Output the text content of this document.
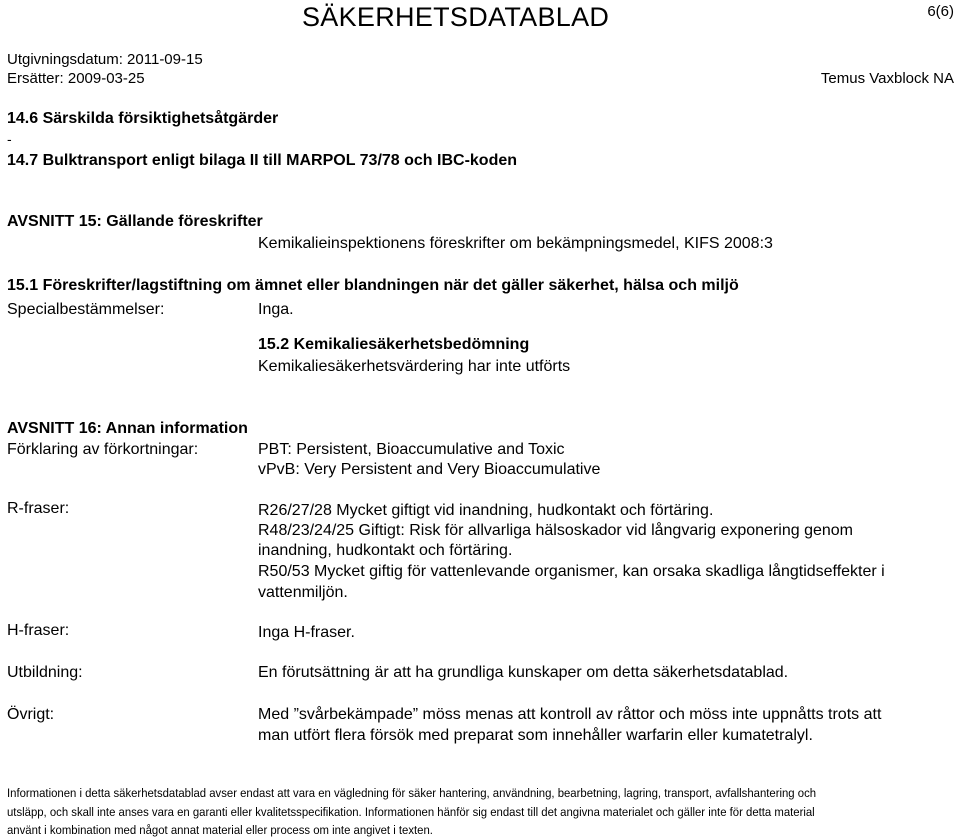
SÄKERHETSDATABLAD	6(6)
Utgivningsdatum: 2011-09-15
Ersätter: 2009-03-25	Temus Vaxblock NA
14.6 Särskilda försiktighetsåtgärder
-
14.7 Bulktransport enligt bilaga II till MARPOL 73/78 och IBC-koden
AVSNITT 15: Gällande föreskrifter
Kemikalieinspektionens föreskrifter om bekämpningsmedel, KIFS 2008:3
15.1 Föreskrifter/lagstiftning om ämnet eller blandningen när det gäller säkerhet, hälsa och miljö
Specialbestämmelser:	Inga.
15.2 Kemikaliesäkerhetsbedömning
Kemikaliesäkerhetsvärdering har inte utförts
AVSNITT 16: Annan information
Förklaring av förkortningar:	PBT: Persistent, Bioaccumulative and Toxic
vPvB: Very Persistent and Very Bioaccumulative
R-fraser:	R26/27/28 Mycket giftigt vid inandning, hudkontakt och förtäring.
R48/23/24/25 Giftigt: Risk för allvarliga hälsoskador vid långvarig exponering genom
inandning, hudkontakt och förtäring.
R50/53 Mycket giftig för vattenlevande organismer, kan orsaka skadliga långtidseffekter i
vattenmiljön.
H-fraser:	Inga H-fraser.
Utbildning:	En förutsättning är att ha grundliga kunskaper om detta säkerhetsdatablad.
Övrigt:	Med ”svårbekämpade” möss menas att kontroll av råttor och möss inte uppnåtts trots att
man utfört flera försök med preparat som innehåller warfarin eller kumatetralyl.
Informationen i detta säkerhetsdatablad avser endast att vara en vägledning för säker hantering, användning, bearbetning, lagring, transport, avfallshantering och
utsläpp, och skall inte anses vara en garanti eller kvalitetsspecifikation. Informationen hänför sig endast till det angivna materialet och gäller inte för detta material
använt i kombination med något annat material eller process om inte angivet i texten.
